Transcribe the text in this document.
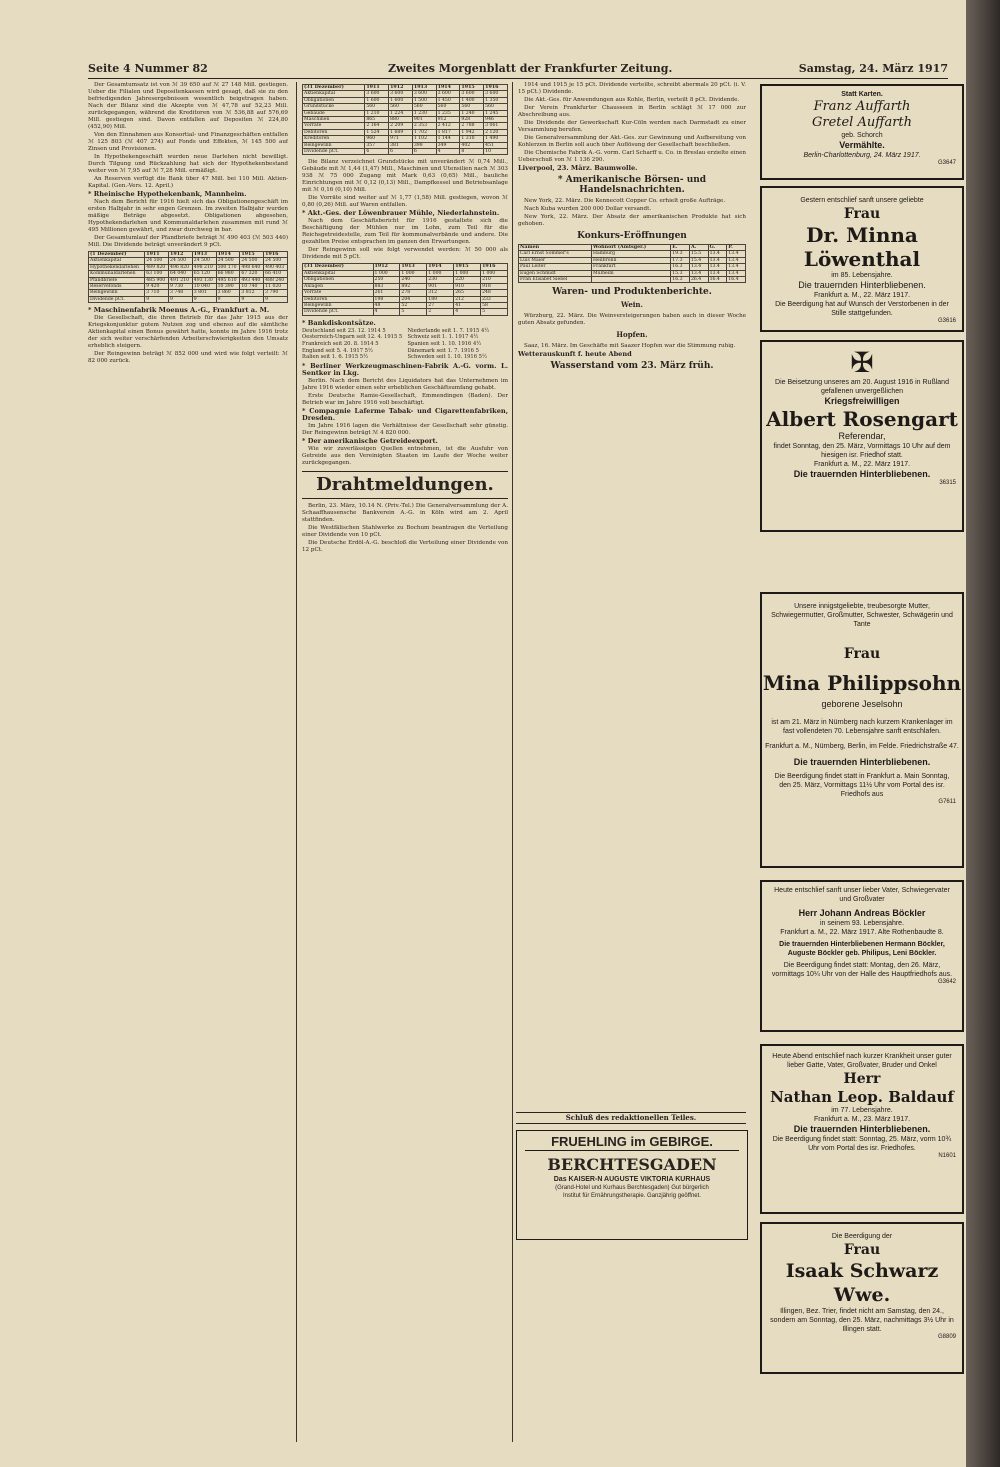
Seite 4 Nummer 82	Zweites Morgenblatt der Frankfurter Zeitung.	Samstag, 24. März 1917

Der Gesamtumsatz ist von ℳ 39 650 auf ℳ 27 148 Mill. gestiegen. Ueber die Filialen und Depositenkassen wird gesagt, daß sie zu den befriedigenden Jahresergebnissen wesentlich beigetragen haben. Nach der Bilanz sind die Akzepte von ℳ 47,78 auf 52,23 Mill. zurückgegangen, während die Kreditoren von ℳ 536,88 auf 576,69 Mill. gestiegen sind. Davon entfallen auf Depositen ℳ 224,80 (452,90) Mill.

Von den Einnahmen aus Konsortial- und Finanzgeschäften entfallen ℳ 125 803 (ℳ 407 274) auf Fonds und Effekten, ℳ 145 500 auf Zinsen und Provisionen.

In Hypothekengeschäft wurden neue Darlehen nicht bewilligt. Durch Tilgung und Rückzahlung hat sich der Hypothekenbestand weiter von ℳ 7,95 auf ℳ 7,28 Mill. ermäßigt.

An Reserven verfügt die Bank über 47 Mill. bei 110 Mill. Aktien-Kapital. (Gen.-Vers. 12. April.)

* Rheinische Hypothekenbank, Mannheim.

Nach dem Bericht für 1916 hielt sich das Obligationengeschäft im ersten Halbjahr in sehr engen Grenzen. Im zweiten Halbjahr wurden mäßige Beträge abgesetzt. Obligationen abgesehen, Hypothekendarlehen und Kommunaldarlehen zusammen mit rund ℳ 495 Millionen gewährt, und zwar durchweg in bar.

Der Gesamtumlauf der Pfandbriefe beträgt ℳ 490 403 (ℳ 503 440) Mill. Die Dividende beträgt unverändert 9 pCt.

(1 Dezember)	1911	1912	1913	1914	1915	1916
Aktienkapital	24 500	24 500	24 500	24 500	24 500	24 500
Hypothekendarlehen	489 820	496 820	498 210	500 170	498 640	490 403
Kommunaldarlehen	63 100	64 040	65 120	66 980	67 320	66 410
Pfandbriefe	485 900	491 210	493 130	495 610	493 440	488 240
Reservefonds	9 420	9 730	10 040	10 390	10 740	11 020
Reingewinn	3 710	3 748	3 801	3 860	3 812	3 790
Dividende pCt.	9	9	9	9	9	9

* Maschinenfabrik Moenus A.-G., Frankfurt a. M.

Die Gesellschaft, die ihren Betrieb für das Jahr 1915 aus der Kriegskonjunktur gutem Nutzen zog und ebenso auf die sämtliche Aktienkapital einen Bonus gewährt hatte, konnte im Jahre 1916 trotz der sich weiter verschärfenden Arbeiterschwierigkeiten den Umsatz erheblich steigern.

Der Reingewinn beträgt ℳ 852 000 und wird wie folgt verteilt: ℳ 82 000 zurück.

(31 Dezember)	1911	1912	1913	1914	1915	1916
Aktienkapital	3 600	3 600	3 600	3 600	3 600	3 600
Obligationen	1 600	1 600	1 500	1 450	1 400	1 350
Grundstücke	560	560	560	560	560	560
Gebäude	1 210	1 224	1 230	1 235	1 240	1 245
Maschinen	865	880	901	912	928	946
Vorräte	2 164	2 209	2 353	2 412	2 788	3 061
Debitoren	1 524	1 689	1 702	1 817	1 942	2 120
Kreditoren	960	971	1 102	1 144	1 310	1 490
Reingewinn	357	381	398	349	402	451
Dividende pCt.	6	6	6	4	8	10

Die Bilanz verzeichnet Grundstücke mit unverändert ℳ 0,74 Mill., Gebäude mit ℳ 1,44 (1,47) Mill., Maschinen und Utensilien nach ℳ 303 938 ℳ 75 000 Zugang mit Mark 0,63 (0,65) Mill., bauliche Einrichtungen mit ℳ 0,12 (0,13) Mill., Dampfkessel und Betriebsanlage mit ℳ 0,16 (0,10) Mill.

Die Vorräte sind weiter auf ℳ 1,77 (1,58) Mill. gestiegen, wovon ℳ 0,80 (0,26) Mill. auf Waren entfallen.

* Akt.-Ges. der Löwenbrauer Mühle, Niederlahnstein.

Nach dem Geschäftsbericht für 1916 gestaltete sich die Beschäftigung der Mühlen nur im Lohn, zum Teil für die Reichsgetreidestelle, zum Teil für kommunalverbände und andere. Die gezahlten Preise entsprachen im ganzen den Erwartungen.

Der Reingewinn soll wie folgt verwendet werden: ℳ 50 000 als Dividende mit 5 pCt.

(31 Dezember)	1912	1913	1914	1915	1916
Aktienkapital	1 000	1 000	1 000	1 000	1 000
Obligationen	250	240	230	220	210
Anlagen	883	892	901	910	918
Vorräte	261	278	312	265	248
Debitoren	198	204	189	212	233
Reingewinn	48	52	27	41	58
Dividende pCt.	4	5	2	4	5

* Bankdiskontsätze.

Deutschland seit 23. 12. 1914 5
Oesterreich-Ungarn seit 12. 4. 1915 5
Frankreich seit 20. 8. 1914 5
England seit 5. 4. 1917 5½
Italien seit 1. 6. 1915 5½
Niederlande seit 1. 7. 1915 4½
Schweiz seit 1. 1. 1917 4½
Spanien seit 1. 10. 1916 4½
Dänemark seit 1. 7. 1916 5
Schweden seit 1. 10. 1916 5½

* Berliner Werkzeugmaschinen-Fabrik A.-G. vorm. L. Sentker in Lkg.

Berlin. Nach dem Bericht des Liquidators hat das Unternehmen im Jahre 1916 wieder einen sehr erheblichen Geschäftsumfang gehabt.

Erste Deutsche Ramie-Gesellschaft, Emmendingen (Baden). Der Betrieb war im Jahre 1916 voll beschäftigt.

* Compagnie Laferme Tabak- und Cigarettenfabriken, Dresden.

Im Jahre 1916 lagen die Verhältnisse der Gesellschaft sehr günstig. Der Reingewinn beträgt ℳ 4 820 000.

* Der amerikanische Getreideexport.

Wie wir zuverlässigen Quellen entnehmen, ist die Ausfuhr von Getreide aus den Vereinigten Staaten im Laufe der Woche weiter zurückgegangen.

Drahtmeldungen.

Berlin, 23. März, 10.14 N. (Priv.-Tel.) Die Generalversammlung der A. Schaaffhausensche Bankverein A.-G. in Köln wird am 2. April stattfinden.

Die Westfälischen Stahlwerke zu Bochum beantragen die Verteilung einer Dividende von 10 pCt.

Die Deutsche Erdöl-A.-G. beschloß die Verteilung einer Dividende von 12 pCt.

1914 und 1915 je 15 pCt. Dividende verteilte, schreibt abermals 20 pCt. (i. V. 15 pCt.) Dividende.

Die Akt.-Ges. für Anwendungen aus Kohle, Berlin, verteilt 8 pCt. Dividende.

Der Verein Frankfurter Chausseen in Berlin schlägt ℳ 17 000 zur Abschreibung aus.

Die Dividende der Gewerkschaft Kur-Cöln werden nach Darmstadt zu einer Versammlung berufen.

Die Generalversammlung der Akt.-Ges. zur Gewinnung und Aufbereitung von Kohlerzen in Berlin soll auch über Auflösung der Gesellschaft beschließen.

Die Chemische Fabrik A.-G. vorm. Carl Scharff u. Co. in Breslau erzielte einen Ueberschuß von ℳ 1 136 290.

Liverpool, 23. März. Baumwolle.

* Amerikanische Börsen- und Handelsnachrichten.

New York, 22. März. Die Kennecott Copper Co. erhielt große Aufträge.

Nach Kuba wurden 200 000 Dollar versandt.

New York, 22. März. Der Absatz der amerikanischen Produkte hat sich gehoben.

Konkurs-Eröffnungen
Namen	Wohnort (Amtsger.)	E.	A.	G.	P.
Carl Ernst Sommer's	Hamburg	19.3	15.5	13.4	13.4
Luis Maier	Heilbronn	17.3	15.4	13.4	13.4
Paul Leiter	Frankfurt	16.3	13.4	13.4	13.4
Eugen Schmidt	Mülheim	15.3	13.4	13.4	13.4
Fran Elisabet Siebel		16.3	26.4	16.4	16.4
Waren- und Produktenberichte.
Wein.

Würzburg, 22. März. Die Weinversteigerungen haben auch in dieser Woche guten Absatz gefunden.

Hopfen.

Saaz, 16. März. Im Geschäfte mit Saazer Hopfen war die Stimmung ruhig.

Wetterauskunft f. heute Abend

Wasserstand vom 23. März früh.
Schluß des redaktionellen Teiles.
FRUEHLING im GEBIRGE.
BERCHTESGADEN
Das KAISER-N AUGUSTE VIKTORIA KURHAUS
(Grand-Hotel und Kurhaus Berchtesgaden) Gut bürgerlich
Institut für Ernährungstherapie. Ganzjährig geöffnet.
Statt Karten.
Franz Auffarth
Gretel Auffarth
geb. Schorch
Vermählte.
Berlin-Charlottenburg, 24. März 1917.
G3647
Gestern entschlief sanft unsere geliebte
Frau
Dr. Minna Löwenthal
im 85. Lebensjahre.
Die trauernden Hinterbliebenen.
Frankfurt a. M., 22. März 1917.
Die Beerdigung hat auf Wunsch der Verstorbenen in der Stille stattgefunden.
G3616
✠
Die Beisetzung unseres am 20. August 1916 in Rußland gefallenen unvergeßlichen
Kriegsfreiwilligen
Albert Rosengart
Referendar,
findet Sonntag, den 25. März, Vormittags 10 Uhr auf dem hiesigen isr. Friedhof statt.
Frankfurt a. M., 22. März 1917.
Die trauernden Hinterbliebenen.
36315
Unsere innigstgeliebte, treubesorgte Mutter, Schwiegermutter, Großmutter, Schwester, Schwägerin und Tante
Frau
Mina Philippsohn
geborene Jeselsohn
ist am 21. März in Nürnberg nach kurzem Krankenlager im fast vollendeten 70. Lebensjahre sanft entschlafen.
Frankfurt a. M., Nürnberg, Berlin, im Felde. Friedrichstraße 47.
Die trauernden Hinterbliebenen.
Die Beerdigung findet statt in Frankfurt a. Main Sonntag, den 25. März, Vormittags 11½ Uhr vom Portal des isr. Friedhofs aus
G7611
Heute entschlief sanft unser lieber Vater, Schwiegervater und Großvater
Herr Johann Andreas Böckler
in seinem 93. Lebensjahre.
Frankfurt a. M., 22. März 1917. Alte Rothenbaudte 8.
Die trauernden Hinterbliebenen Hermann Böckler, Auguste Böckler geb. Philipus, Leni Böckler.
Die Beerdigung findet statt: Montag, den 26. März, vormittags 10¼ Uhr von der Halle des Hauptfriedhofs aus.
G3642
Heute Abend entschlief nach kurzer Krankheit unser guter lieber Gatte, Vater, Großvater, Bruder und Onkel
Herr
Nathan Leop. Baldauf
im 77. Lebensjahre.
Frankfurt a. M., 23. März 1917.
Die trauernden Hinterbliebenen.
Die Beerdigung findet statt: Sonntag, 25. März, vorm 10¾ Uhr vom Portal des isr. Friedhofes.
N1601
Die Beerdigung der
Frau
Isaak Schwarz Wwe.
Illingen, Bez. Trier, findet nicht am Samstag, den 24., sondern am Sonntag, den 25. März, nachmittags 3½ Uhr in Illingen statt.
G8809
